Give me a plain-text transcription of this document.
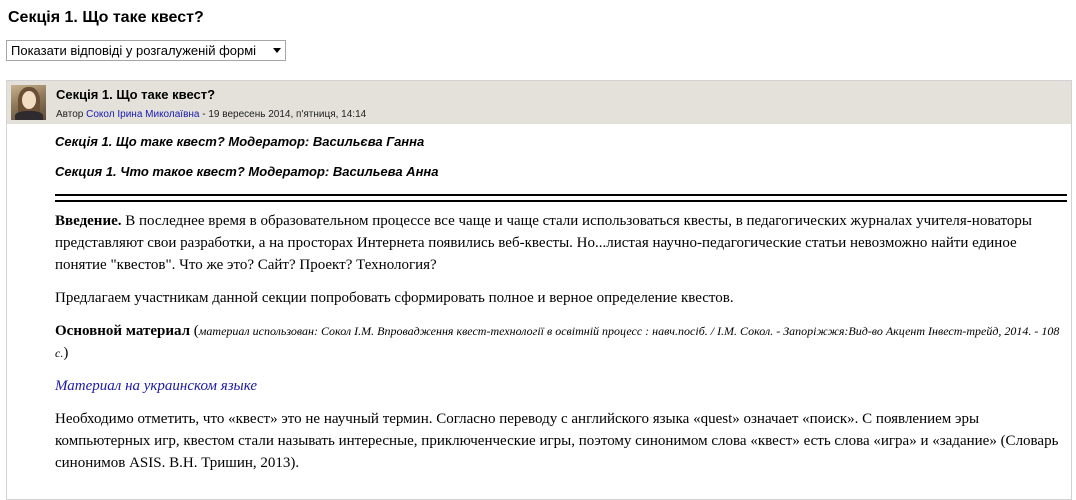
Секція 1. Що таке квест?
Показати відповіді у розгалуженій формі
Секція 1. Що таке квест?
Автор Сокол Ірина Миколаївна - 19 вересень 2014, п'ятниця, 14:14

Секція 1. Що таке квест? Модератор: Васильєва Ганна

Секция 1. Что такое квест? Модератор: Васильева Анна

Введение. В последнее время в образовательном процессе все чаще и чаще стали использоваться квесты, в педагогических журналах учителя-новаторы представляют свои разработки, а на просторах Интернета появились веб-квесты. Но...листая научно-педагогические статьи невозможно найти единое понятие "квестов". Что же это? Сайт? Проект? Технология?

Предлагаем участникам данной секции попробовать сформировать полное и верное определение квестов.

Основной материал (материал использован: Сокол І.М. Впровадження квест-технології в освітній процесс : навч.посіб. / І.М. Сокол. - Запоріжжя:Вид-во Акцент Інвест-трейд, 2014. - 108 с.)

Материал на украинском языке

Необходимо отметить, что «квест» это не научный термин. Согласно переводу с английского языка «quest» означает «поиск». С появлением эры компьютерных игр, квестом стали называть интересные, приключенческие игры, поэтому синонимом слова «квест» есть слова «игра» и «задание» (Словарь синонимов ASIS. В.Н. Тришин, 2013).
